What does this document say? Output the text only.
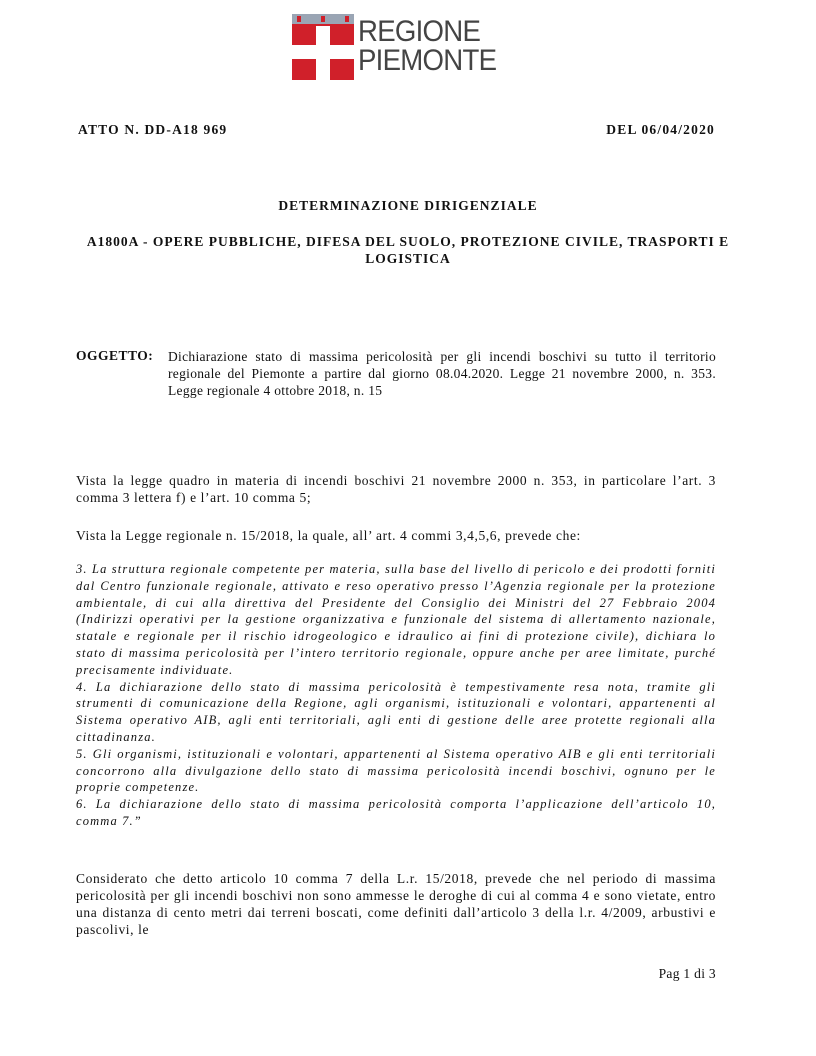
REGIONE
PIEMONTE
ATTO N. DD-A18 969	DEL 06/04/2020
DETERMINAZIONE DIRIGENZIALE
A1800A - OPERE PUBBLICHE, DIFESA DEL SUOLO, PROTEZIONE CIVILE, TRASPORTI E LOGISTICA
OGGETTO: Dichiarazione stato di massima pericolosità per gli incendi boschivi su tutto il territorio regionale del Piemonte a partire dal giorno 08.04.2020. Legge 21 novembre 2000, n. 353. Legge regionale 4 ottobre 2018, n. 15

Vista la legge quadro in materia di incendi boschivi 21 novembre 2000 n. 353, in particolare l’art. 3 comma 3 lettera f) e l’art. 10 comma 5;

Vista la Legge regionale n. 15/2018, la quale, all’ art. 4 commi 3,4,5,6, prevede che:

3. La struttura regionale competente per materia, sulla base del livello di pericolo e dei prodotti forniti dal Centro funzionale regionale, attivato e reso operativo presso l’Agenzia regionale per la protezione ambientale, di cui alla direttiva del Presidente del Consiglio dei Ministri del 27 Febbraio 2004 (Indirizzi operativi per la gestione organizzativa e funzionale del sistema di allertamento nazionale, statale e regionale per il rischio idrogeologico e idraulico ai fini di protezione civile), dichiara lo stato di massima pericolosità per l’intero territorio regionale, oppure anche per aree limitate, purché precisamente individuate.

4. La dichiarazione dello stato di massima pericolosità è tempestivamente resa nota, tramite gli strumenti di comunicazione della Regione, agli organismi, istituzionali e volontari, appartenenti al Sistema operativo AIB, agli enti territoriali, agli enti di gestione delle aree protette regionali alla cittadinanza.

5. Gli organismi, istituzionali e volontari, appartenenti al Sistema operativo AIB e gli enti territoriali concorrono alla divulgazione dello stato di massima pericolosità incendi boschivi, ognuno per le proprie competenze.

6. La dichiarazione dello stato di massima pericolosità comporta l’applicazione dell’articolo 10, comma 7.”

Considerato che detto articolo 10 comma 7 della L.r. 15/2018, prevede che nel periodo di massima pericolosità per gli incendi boschivi non sono ammesse le deroghe di cui al comma 4 e sono vietate, entro una distanza di cento metri dai terreni boscati, come definiti dall’articolo 3 della l.r. 4/2009, arbustivi e pascolivi, le

Pag 1 di 3
